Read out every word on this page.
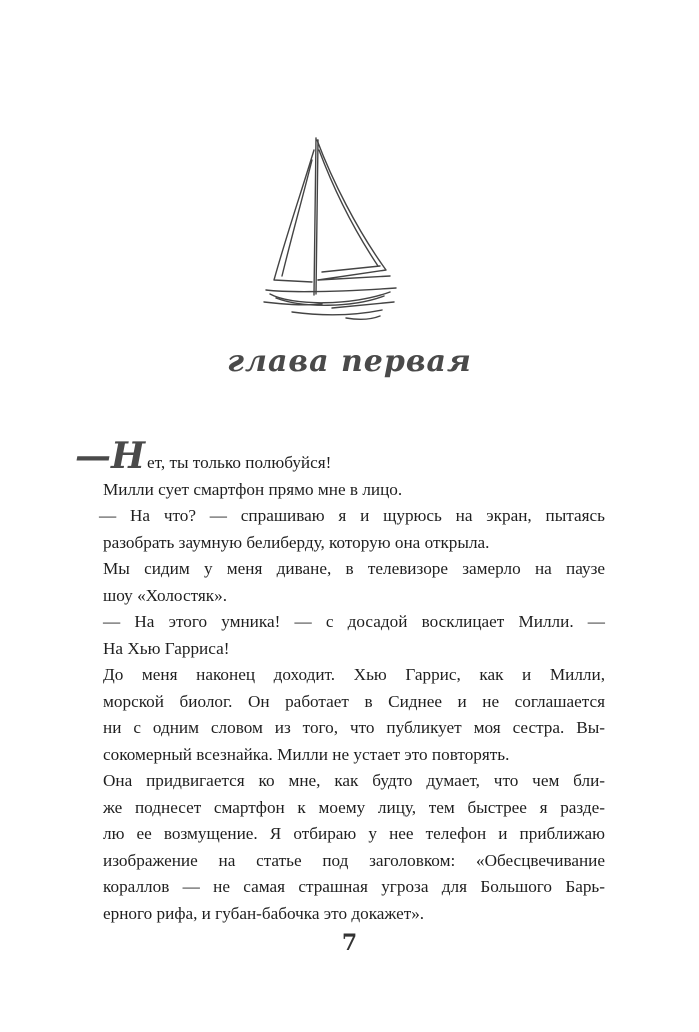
глава первая
—Н ет, ты только полюбуйся!
Милли сует смартфон прямо мне в лицо.
— На что? — спрашиваю я и щурюсь на экран, пытаясь
разобрать заумную белиберду, которую она открыла.
Мы сидим у меня диване, в телевизоре замерло на паузе
шоу «Холостяк».
— На этого умника! — с досадой восклицает Милли. —
На Хью Гарриса!
До меня наконец доходит. Хью Гаррис, как и Милли,
морской биолог. Он работает в Сиднее и не соглашается
ни с одним словом из того, что публикует моя сестра. Вы-
сокомерный всезнайка. Милли не устает это повторять.
Она придвигается ко мне, как будто думает, что чем бли-
же поднесет смартфон к моему лицу, тем быстрее я разде-
лю ее возмущение. Я отбираю у нее телефон и приближаю
изображение на статье под заголовком: «Обесцвечивание
кораллов — не самая страшная угроза для Большого Барь-
ерного рифа, и губан-бабочка это докажет».
7
